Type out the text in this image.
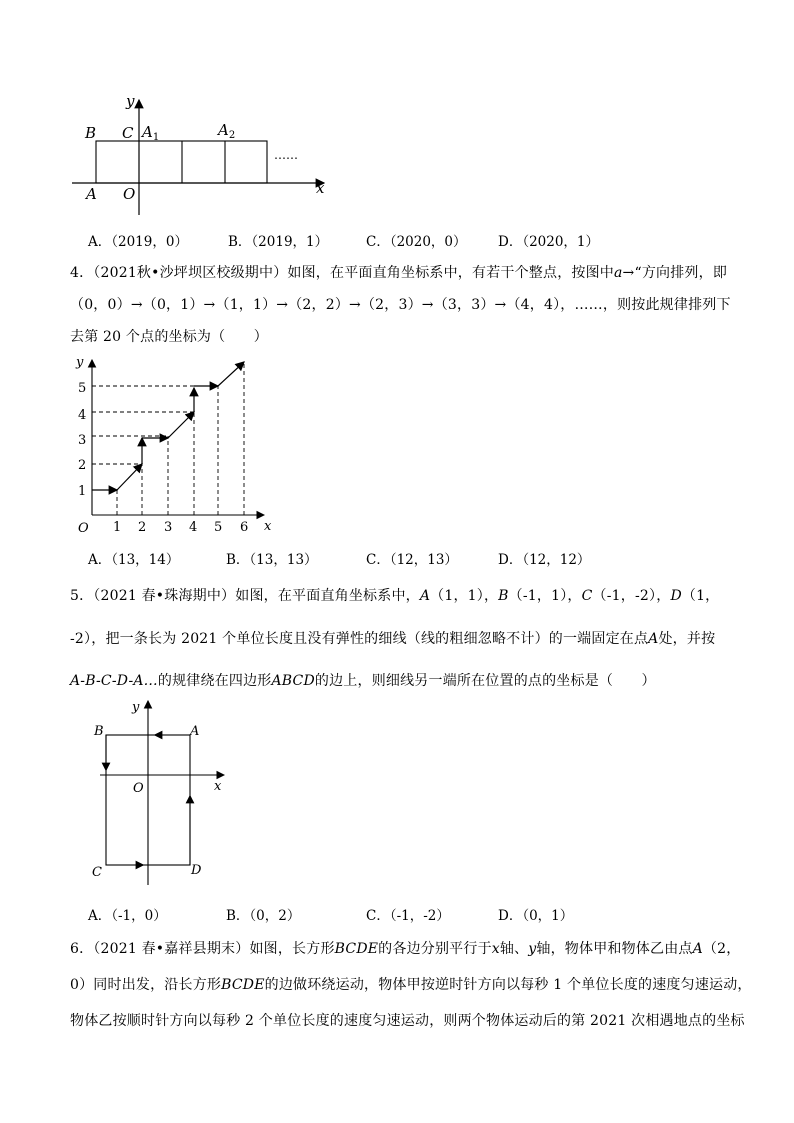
y
x
B C $A_1$	$A_2$
A O
……
A．（2019，0）	B．（2019，1）	C．（2020，0） D．（2020，1）
4．（2021秋•沙坪坝区校级期中）如图，在平面直角坐标系中，有若干个整点，按图中a→“方向排列，即
（0，0）→（0，1）→（1，1）→（2，2）→（2，3）→（3，3）→（4，4），……，则按此规律排列下
去第 20 个点的坐标为（　　）
y
x
O
1
2
3
4
5
1 2 3 4 5 6
A．（13，14）	B．（13，13）	C．（12，13）	D．（12，12）
5．（2021 春•珠海期中）如图，在平面直角坐标系中，A（1，1），B（-1，1），C（-1，-2），D（1，
-2），把一条长为 2021 个单位长度且没有弹性的细线（线的粗细忽略不计）的一端固定在点A处，并按
A-B-C-D-A…的规律绕在四边形ABCD的边上，则细线另一端所在位置的点的坐标是（　　）
y
x
O
A
B
C	D
A．（-1，0）	B．（0，2）	C．（-1，-2）	D．（0，1）
6．（2021 春•嘉祥县期末）如图，长方形BCDE的各边分别平行于x轴、y轴，物体甲和物体乙由点A（2，
0）同时出发，沿长方形BCDE的边做环绕运动，物体甲按逆时针方向以每秒 1 个单位长度的速度匀速运动，
物体乙按顺时针方向以每秒 2 个单位长度的速度匀速运动，则两个物体运动后的第 2021 次相遇地点的坐标
